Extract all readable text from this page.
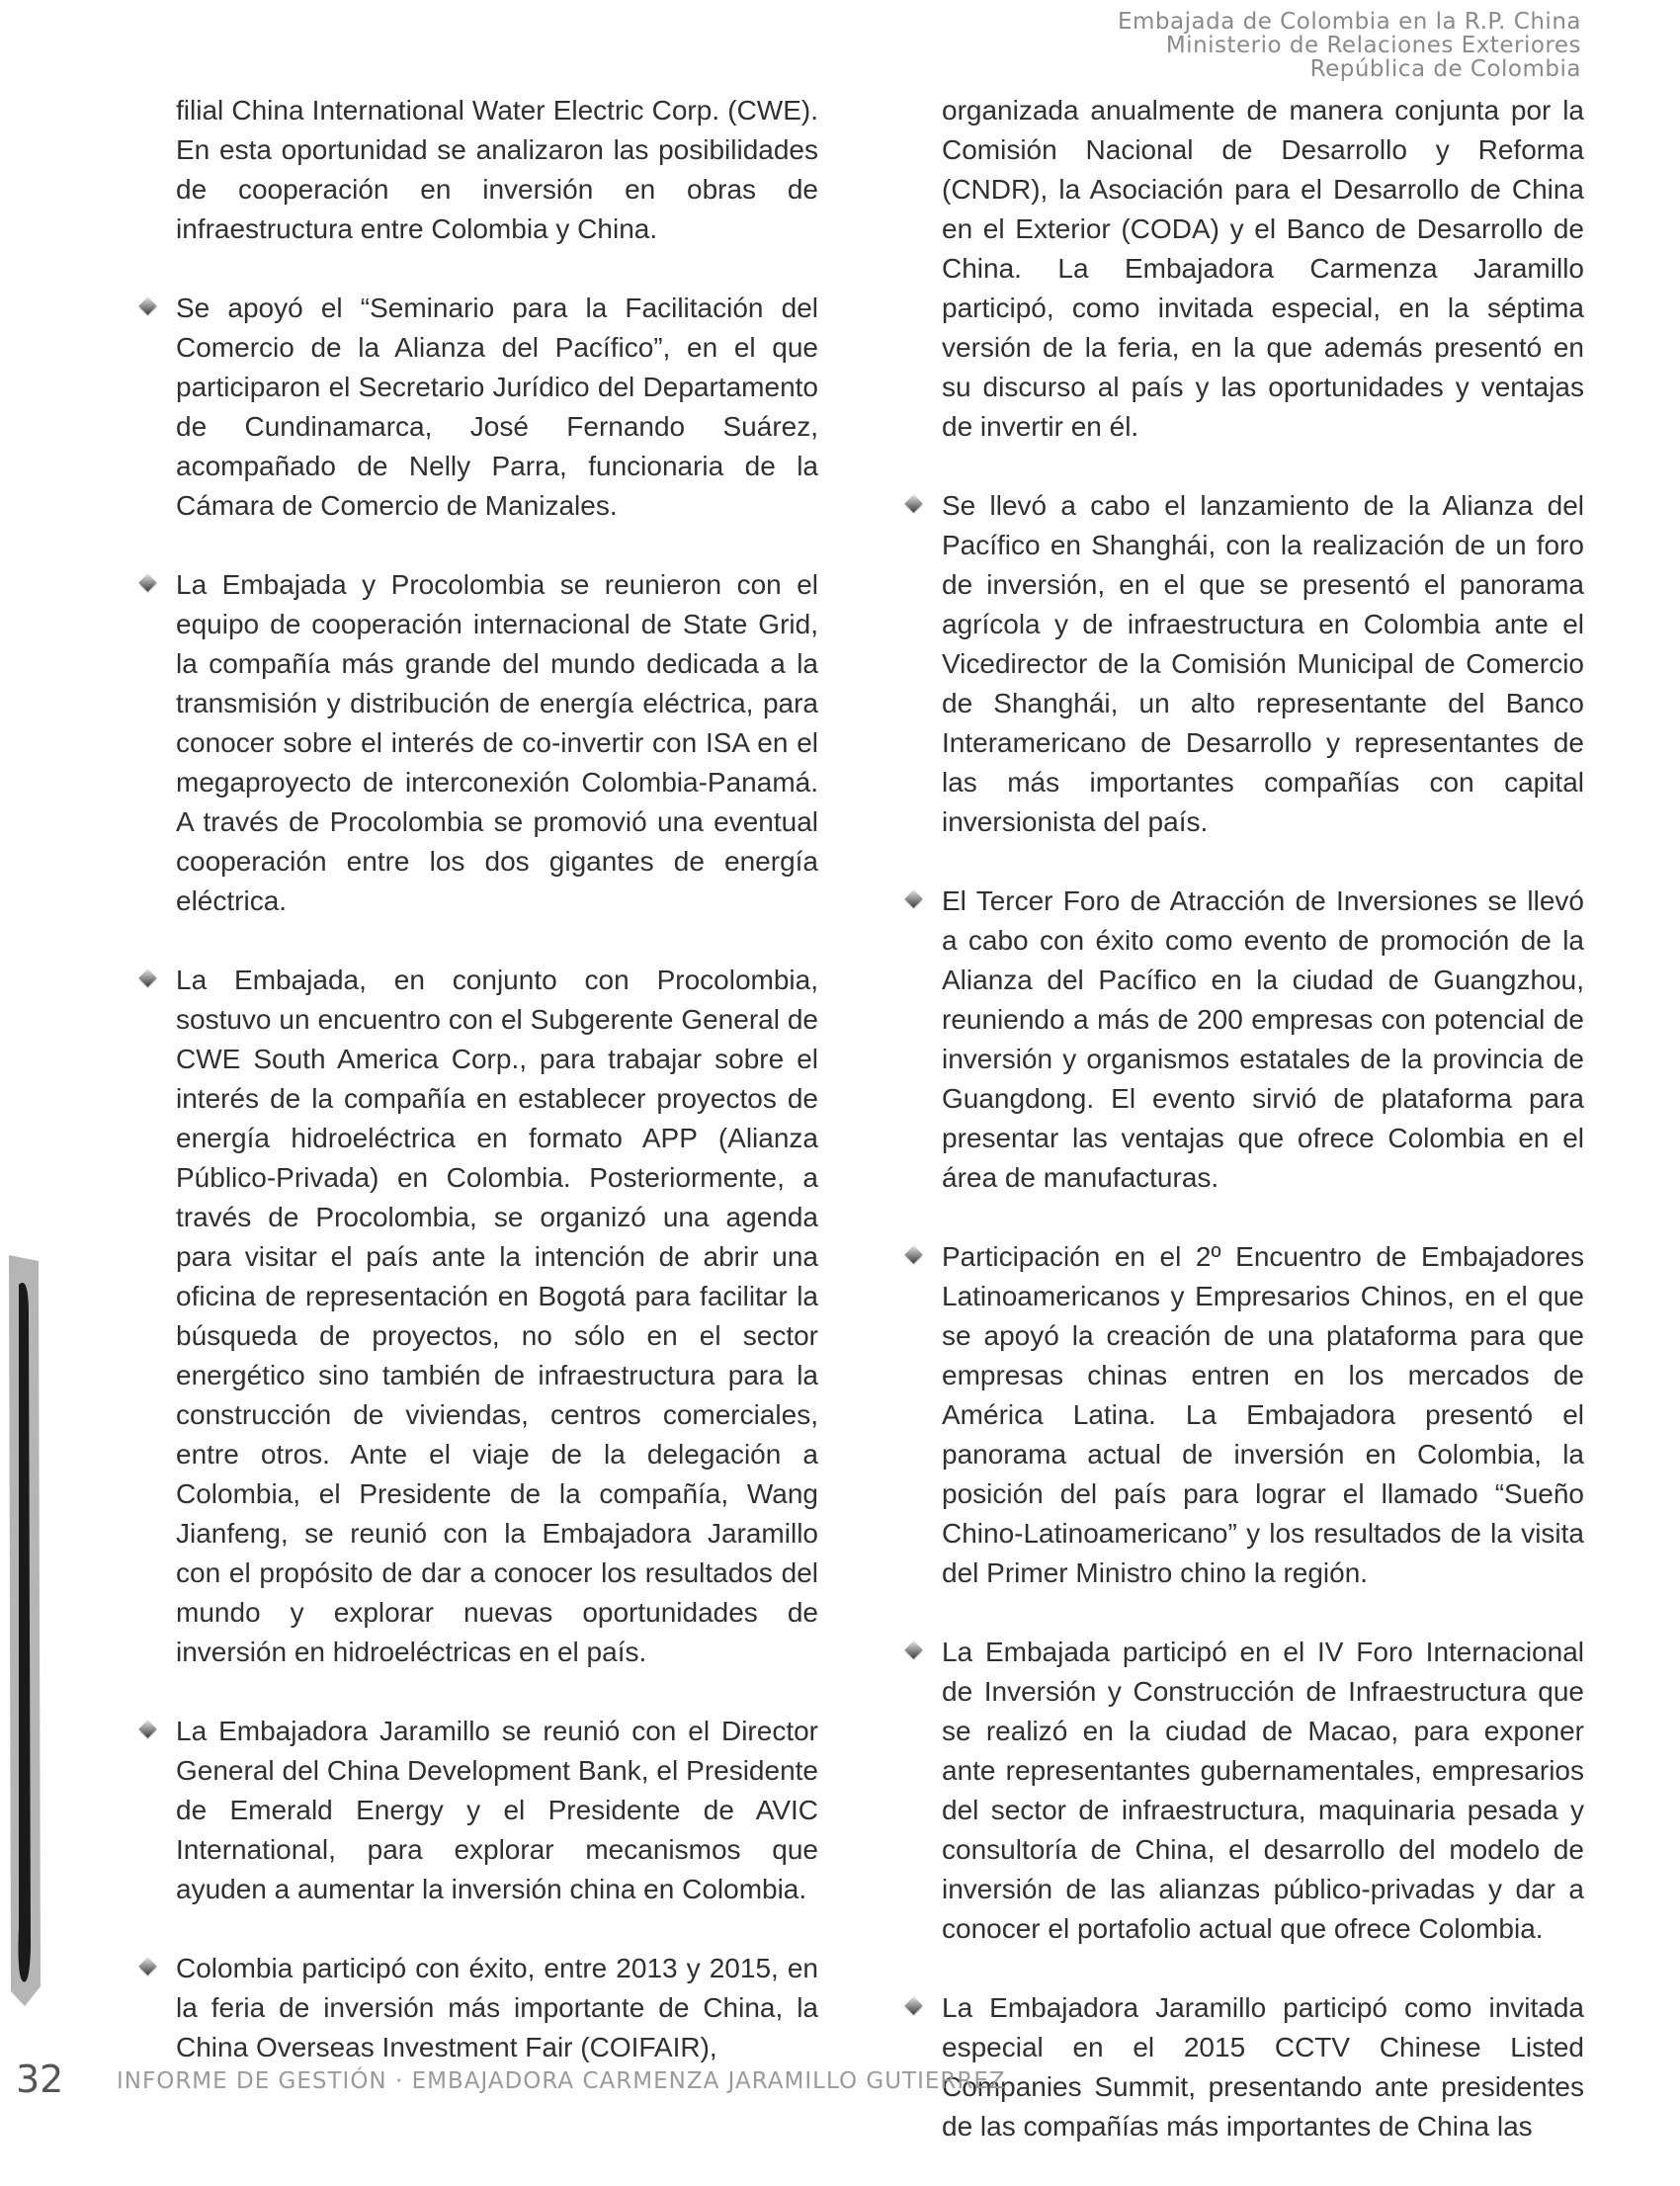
Embajada de Colombia en la R.P. China
Ministerio de Relaciones Exteriores
República de Colombia

filial China International Water Electric Corp. (CWE). En esta oportunidad se analizaron las posibilidades de cooperación en inversión en obras de infraestructura entre Colombia y China.

Se apoyó el “Seminario para la Facilitación del Comercio de la Alianza del Pacífico”, en el que participaron el Secretario Jurídico del Departamento de Cundinamarca, José Fernando Suárez, acompañado de Nelly Parra, funcionaria de la Cámara de Comercio de Manizales.

La Embajada y Procolombia se reunieron con el equipo de cooperación internacional de State Grid, la compañía más grande del mundo dedicada a la transmisión y distribución de energía eléctrica, para conocer sobre el interés de co-invertir con ISA en el megaproyecto de interconexión Colombia-Panamá. A través de Procolombia se promovió una eventual cooperación entre los dos gigantes de energía eléctrica.

La Embajada, en conjunto con Procolombia, sostuvo un encuentro con el Subgerente General de CWE South America Corp., para trabajar sobre el interés de la compañía en establecer proyectos de energía hidroeléctrica en formato APP (Alianza Público-Privada) en Colombia. Posteriormente, a través de Procolombia, se organizó una agenda para visitar el país ante la intención de abrir una oficina de representación en Bogotá para facilitar la búsqueda de proyectos, no sólo en el sector energético sino también de infraestructura para la construcción de viviendas, centros comerciales, entre otros. Ante el viaje de la delegación a Colombia, el Presidente de la compañía, Wang Jianfeng, se reunió con la Embajadora Jaramillo con el propósito de dar a conocer los resultados del mundo y explorar nuevas oportunidades de inversión en hidroeléctricas en el país.

La Embajadora Jaramillo se reunió con el Director General del China Development Bank, el Presidente de Emerald Energy y el Presidente de AVIC International, para explorar mecanismos que ayuden a aumentar la inversión china en Colombia.

Colombia participó con éxito, entre 2013 y 2015, en la feria de inversión más importante de China, la China Overseas Investment Fair (COIFAIR),

organizada anualmente de manera conjunta por la Comisión Nacional de Desarrollo y Reforma (CNDR), la Asociación para el Desarrollo de China en el Exterior (CODA) y el Banco de Desarrollo de China. La Embajadora Carmenza Jaramillo participó, como invitada especial, en la séptima versión de la feria, en la que además presentó en su discurso al país y las oportunidades y ventajas de invertir en él.

Se llevó a cabo el lanzamiento de la Alianza del Pacífico en Shanghái, con la realización de un foro de inversión, en el que se presentó el panorama agrícola y de infraestructura en Colombia ante el Vicedirector de la Comisión Municipal de Comercio de Shanghái, un alto representante del Banco Interamericano de Desarrollo y representantes de las más importantes compañías con capital inversionista del país.

El Tercer Foro de Atracción de Inversiones se llevó a cabo con éxito como evento de promoción de la Alianza del Pacífico en la ciudad de Guangzhou, reuniendo a más de 200 empresas con potencial de inversión y organismos estatales de la provincia de Guangdong. El evento sirvió de plataforma para presentar las ventajas que ofrece Colombia en el área de manufacturas.

Participación en el 2º Encuentro de Embajadores Latinoamericanos y Empresarios Chinos, en el que se apoyó la creación de una plataforma para que empresas chinas entren en los mercados de América Latina. La Embajadora presentó el panorama actual de inversión en Colombia, la posición del país para lograr el llamado “Sueño Chino-Latinoamericano” y los resultados de la visita del Primer Ministro chino la región.

La Embajada participó en el IV Foro Internacional de Inversión y Construcción de Infraestructura que se realizó en la ciudad de Macao, para exponer ante representantes gubernamentales, empresarios del sector de infraestructura, maquinaria pesada y consultoría de China, el desarrollo del modelo de inversión de las alianzas público-privadas y dar a conocer el portafolio actual que ofrece Colombia.

La Embajadora Jaramillo participó como invitada especial en el 2015 CCTV Chinese Listed Companies Summit, presentando ante presidentes de las compañías más importantes de China las

32 INFORME DE GESTIÓN · EMBAJADORA CARMENZA JARAMILLO GUTIERREZ
